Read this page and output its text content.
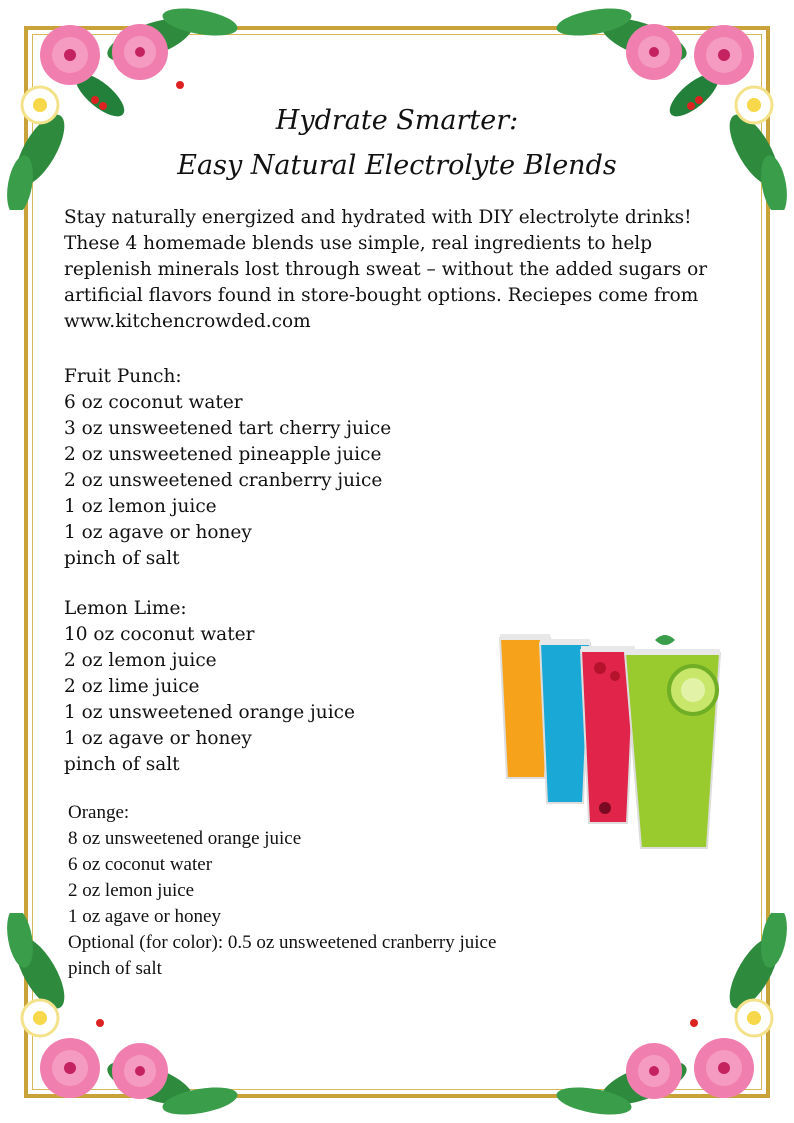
Hydrate Smarter:
Easy Natural Electrolyte Blends
Stay naturally energized and hydrated with DIY electrolyte drinks! These 4 homemade blends use simple, real ingredients to help replenish minerals lost through sweat – without the added sugars or artificial flavors found in store-bought options. Reciepes come from www.kitchencrowded.com
Fruit Punch:
6 oz coconut water
3 oz unsweetened tart cherry juice
2 oz unsweetened pineapple juice
2 oz unsweetened cranberry juice
1 oz lemon juice
1 oz agave or honey
pinch of salt
Lemon Lime:
10 oz coconut water
2 oz lemon juice
2 oz lime juice
1 oz unsweetened orange juice
1 oz agave or honey
pinch of salt
Orange:
8 oz unsweetened orange juice
6 oz coconut water
2 oz lemon juice
1 oz agave or honey
Optional (for color): 0.5 oz unsweetened cranberry juice
pinch of salt
